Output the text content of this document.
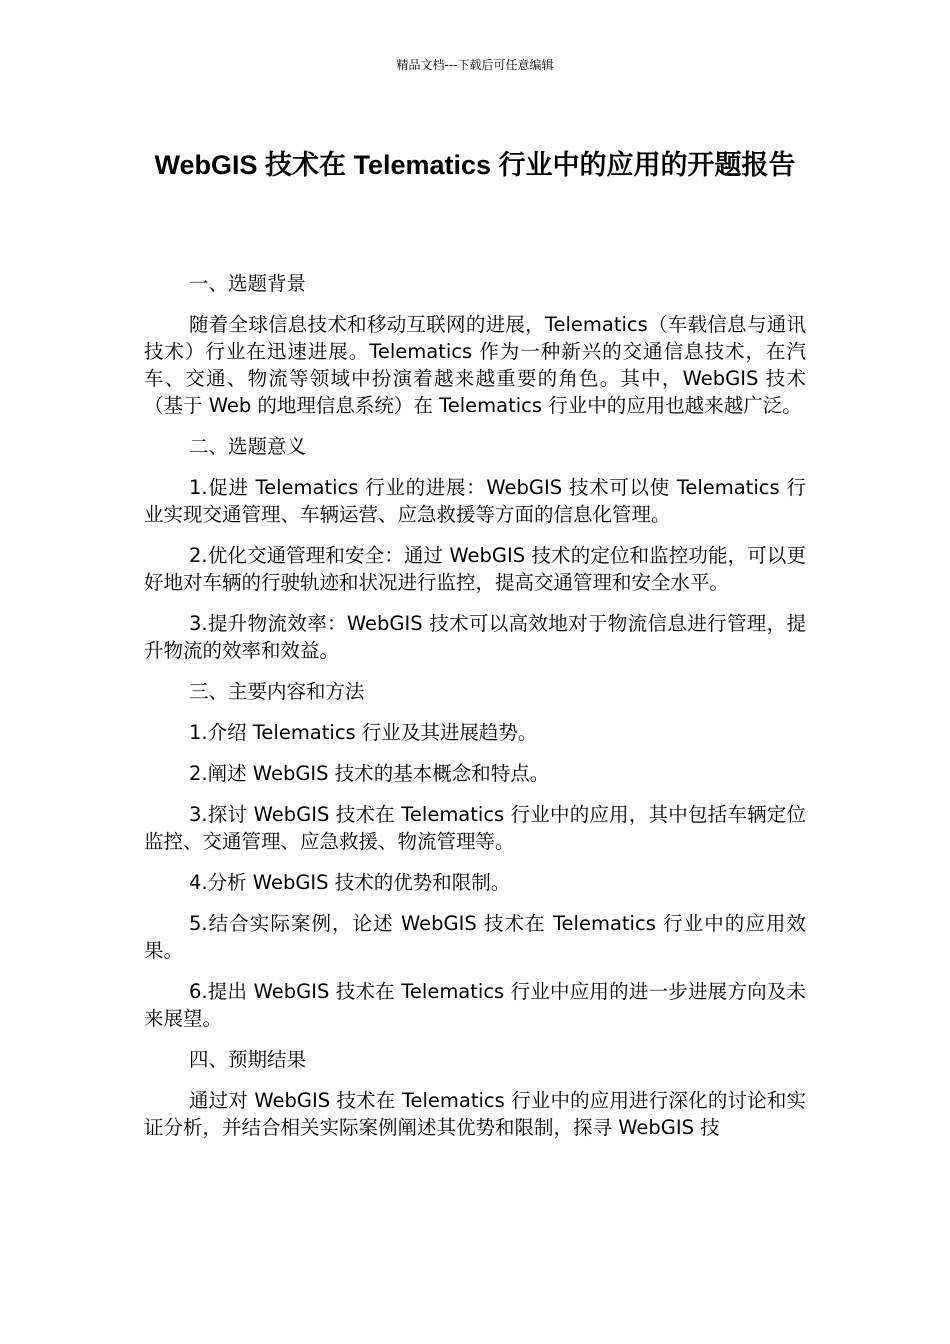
精品文档---下载后可任意编辑
WebGIS 技术在 Telematics 行业中的应用的开题报告

一、选题背景

随着全球信息技术和移动互联网的进展，Telematics（车载信息与通讯技术）行业在迅速进展。Telematics 作为一种新兴的交通信息技术，在汽车、交通、物流等领域中扮演着越来越重要的角色。其中，WebGIS 技术（基于 Web 的地理信息系统）在 Telematics 行业中的应用也越来越广泛。

二、选题意义

1.促进 Telematics 行业的进展：WebGIS 技术可以使 Telematics 行业实现交通管理、车辆运营、应急救援等方面的信息化管理。

2.优化交通管理和安全：通过 WebGIS 技术的定位和监控功能，可以更好地对车辆的行驶轨迹和状况进行监控，提高交通管理和安全水平。

3.提升物流效率：WebGIS 技术可以高效地对于物流信息进行管理，提升物流的效率和效益。

三、主要内容和方法

1.介绍 Telematics 行业及其进展趋势。

2.阐述 WebGIS 技术的基本概念和特点。

3.探讨 WebGIS 技术在 Telematics 行业中的应用，其中包括车辆定位监控、交通管理、应急救援、物流管理等。

4.分析 WebGIS 技术的优势和限制。

5.结合实际案例，论述 WebGIS 技术在 Telematics 行业中的应用效果。

6.提出 WebGIS 技术在 Telematics 行业中应用的进一步进展方向及未来展望。

四、预期结果

通过对 WebGIS 技术在 Telematics 行业中的应用进行深化的讨论和实证分析，并结合相关实际案例阐述其优势和限制，探寻 WebGIS 技
